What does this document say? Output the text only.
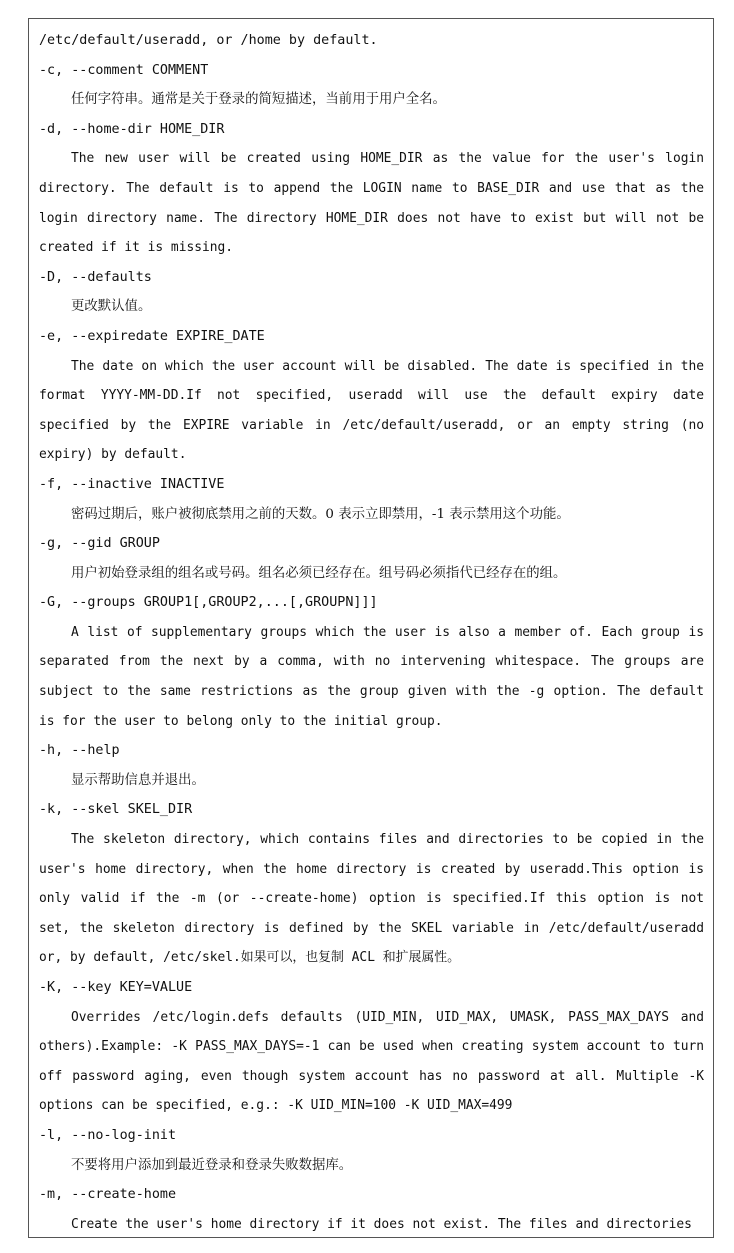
/etc/default/useradd, or /home by default.
-c, --comment COMMENT
任何字符串。通常是关于登录的简短描述，当前用于用户全名。
-d, --home-dir HOME_DIR
The new user will be created using HOME_DIR as the value for the user's login directory. The default is to append the LOGIN name to BASE_DIR and use that as the login directory name. The directory HOME_DIR does not have to exist but will not be created if it is missing.
-D, --defaults
更改默认值。
-e, --expiredate EXPIRE_DATE
The date on which the user account will be disabled. The date is specified in the format YYYY-MM-DD.If not specified, useradd will use the default expiry date specified by the EXPIRE variable in /etc/default/useradd, or an empty string (no expiry) by default.
-f, --inactive INACTIVE
密码过期后，账户被彻底禁用之前的天数。0 表示立即禁用，-1 表示禁用这个功能。
-g, --gid GROUP
用户初始登录组的组名或号码。组名必须已经存在。组号码必须指代已经存在的组。
-G, --groups GROUP1[,GROUP2,...[,GROUPN]]]
A list of supplementary groups which the user is also a member of. Each group is separated from the next by a comma, with no intervening whitespace. The groups are subject to the same restrictions as the group given with the -g option. The default is for the user to belong only to the initial group.
-h, --help
显示帮助信息并退出。
-k, --skel SKEL_DIR
The skeleton directory, which contains files and directories to be copied in the user's home directory, when the home directory is created by useradd.This option is only valid if the -m (or --create-home) option is specified.If this option is not set, the skeleton directory is defined by the SKEL variable in /etc/default/useradd or, by default, /etc/skel.如果可以，也复制 ACL 和扩展属性。
-K, --key KEY=VALUE
Overrides /etc/login.defs defaults (UID_MIN, UID_MAX, UMASK, PASS_MAX_DAYS and others).Example: -K PASS_MAX_DAYS=-1 can be used when creating system account to turn off password aging, even though system account has no password at all. Multiple -K options can be specified, e.g.: -K UID_MIN=100 -K UID_MAX=499
-l, --no-log-init
不要将用户添加到最近登录和登录失败数据库。
-m, --create-home
Create the user's home directory if it does not exist. The files and directories
